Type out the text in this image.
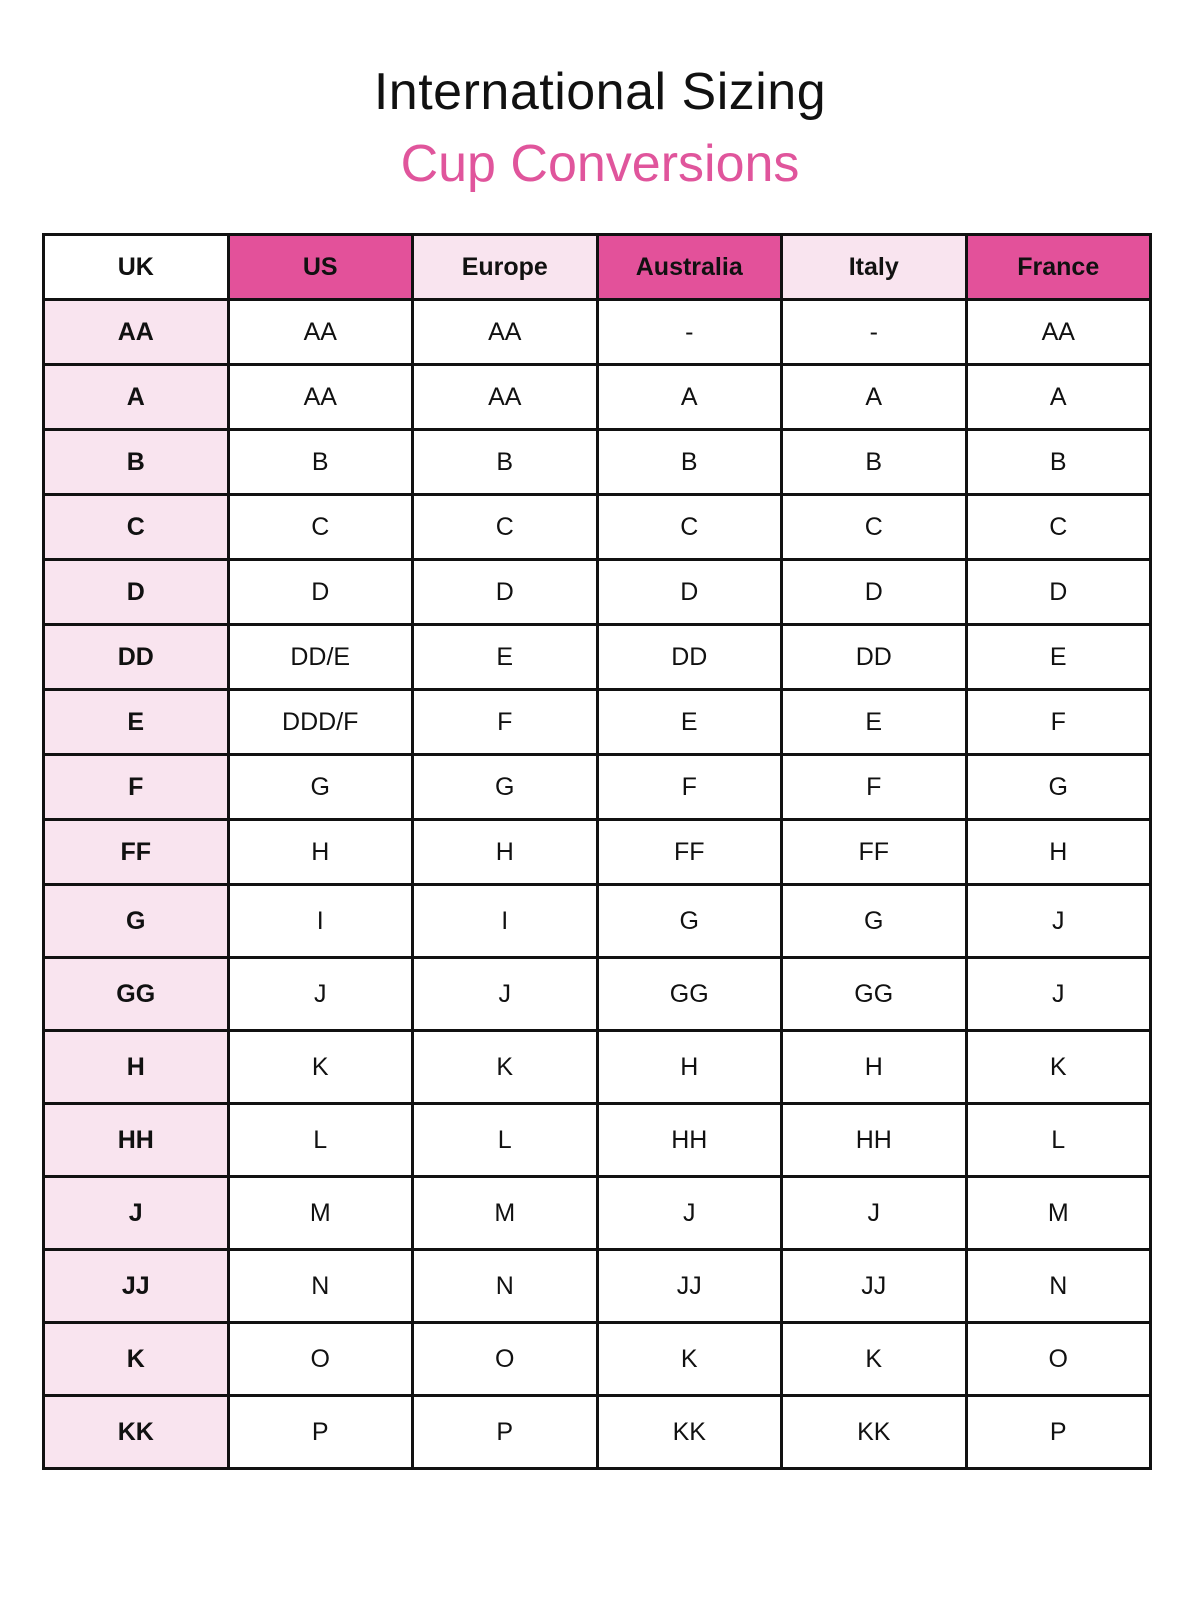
International Sizing
Cup Conversions
UK	US	Europe	Australia	Italy	France
AA	AA	AA	-	-	AA
A	AA	AA	A	A	A
B	B	B	B	B	B
C	C	C	C	C	C
D	D	D	D	D	D
DD	DD/E	E	DD	DD	E
E	DDD/F	F	E	E	F
F	G	G	F	F	G
FF	H	H	FF	FF	H
G	I	I	G	G	J
GG	J	J	GG	GG	J
H	K	K	H	H	K
HH	L	L	HH	HH	L
J	M	M	J	J	M
JJ	N	N	JJ	JJ	N
K	O	O	K	K	O
KK	P	P	KK	KK	P
